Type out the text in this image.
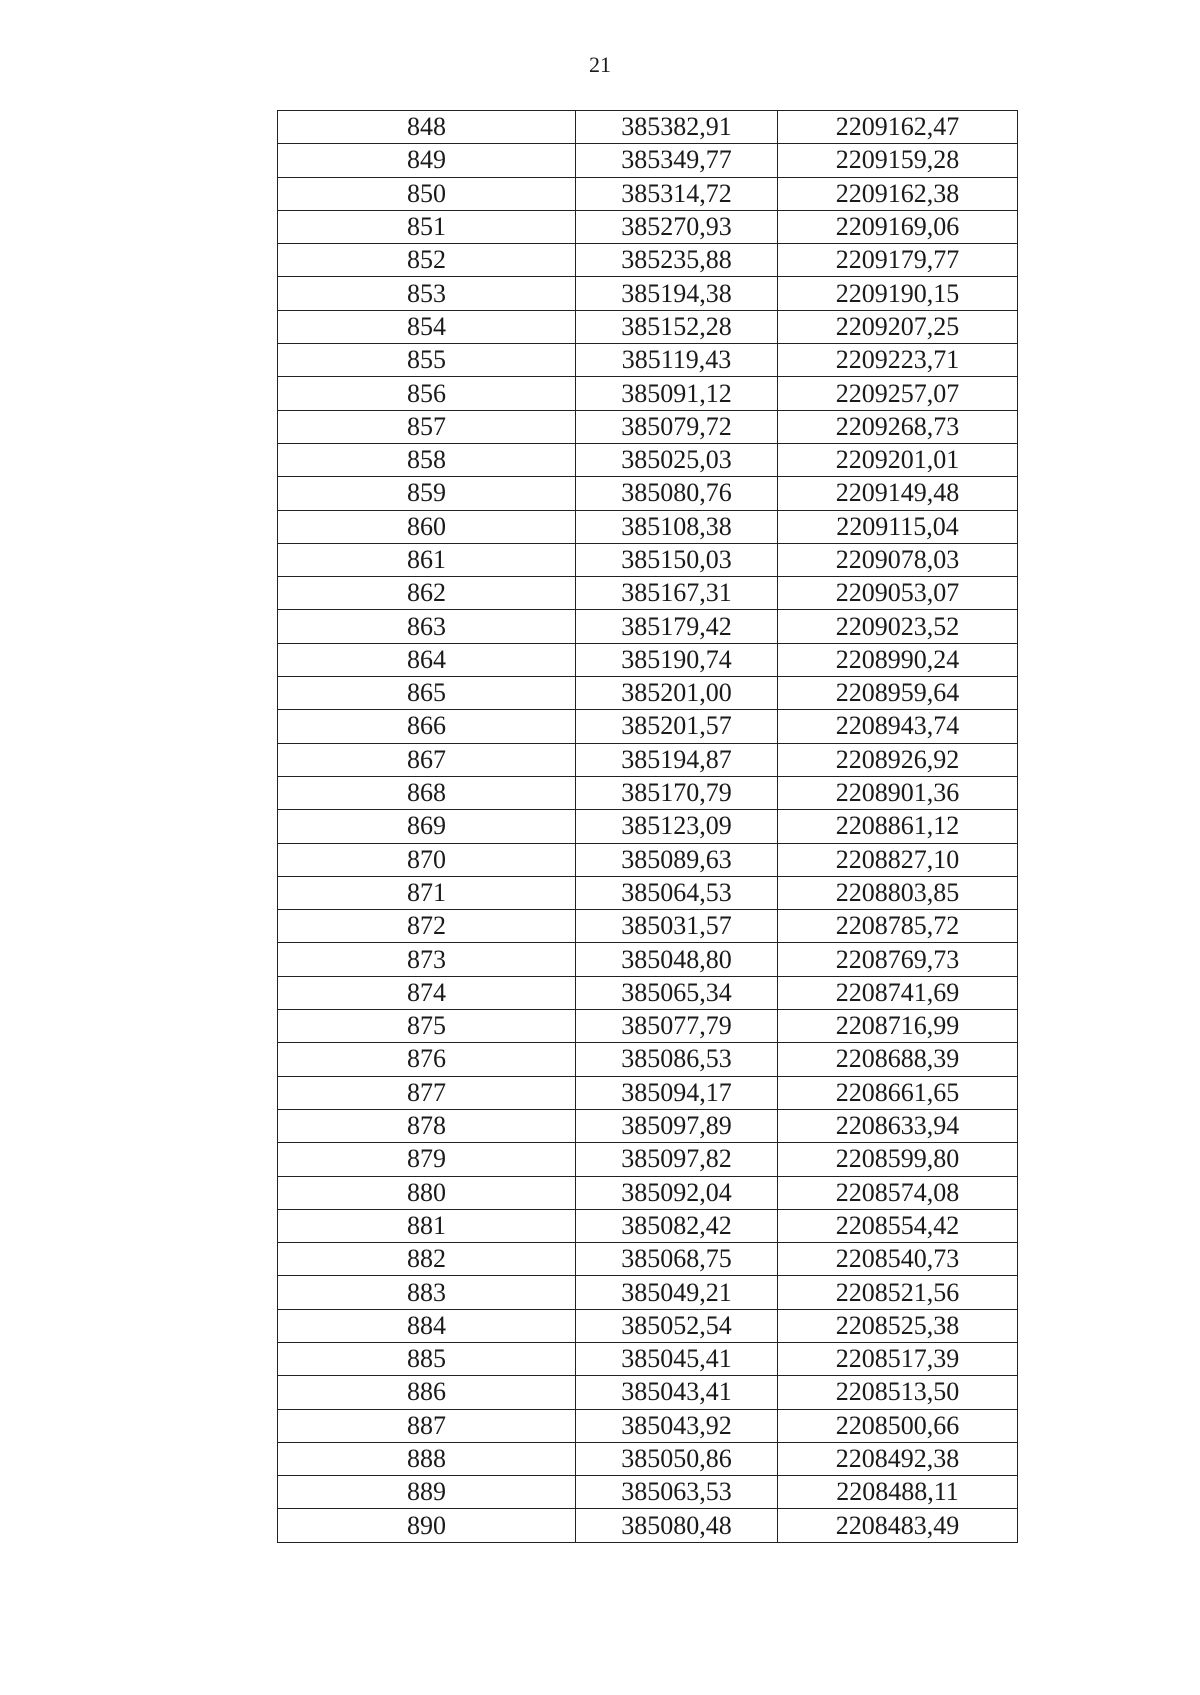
21
848	385382,91	2209162,47
849	385349,77	2209159,28
850	385314,72	2209162,38
851	385270,93	2209169,06
852	385235,88	2209179,77
853	385194,38	2209190,15
854	385152,28	2209207,25
855	385119,43	2209223,71
856	385091,12	2209257,07
857	385079,72	2209268,73
858	385025,03	2209201,01
859	385080,76	2209149,48
860	385108,38	2209115,04
861	385150,03	2209078,03
862	385167,31	2209053,07
863	385179,42	2209023,52
864	385190,74	2208990,24
865	385201,00	2208959,64
866	385201,57	2208943,74
867	385194,87	2208926,92
868	385170,79	2208901,36
869	385123,09	2208861,12
870	385089,63	2208827,10
871	385064,53	2208803,85
872	385031,57	2208785,72
873	385048,80	2208769,73
874	385065,34	2208741,69
875	385077,79	2208716,99
876	385086,53	2208688,39
877	385094,17	2208661,65
878	385097,89	2208633,94
879	385097,82	2208599,80
880	385092,04	2208574,08
881	385082,42	2208554,42
882	385068,75	2208540,73
883	385049,21	2208521,56
884	385052,54	2208525,38
885	385045,41	2208517,39
886	385043,41	2208513,50
887	385043,92	2208500,66
888	385050,86	2208492,38
889	385063,53	2208488,11
890	385080,48	2208483,49
